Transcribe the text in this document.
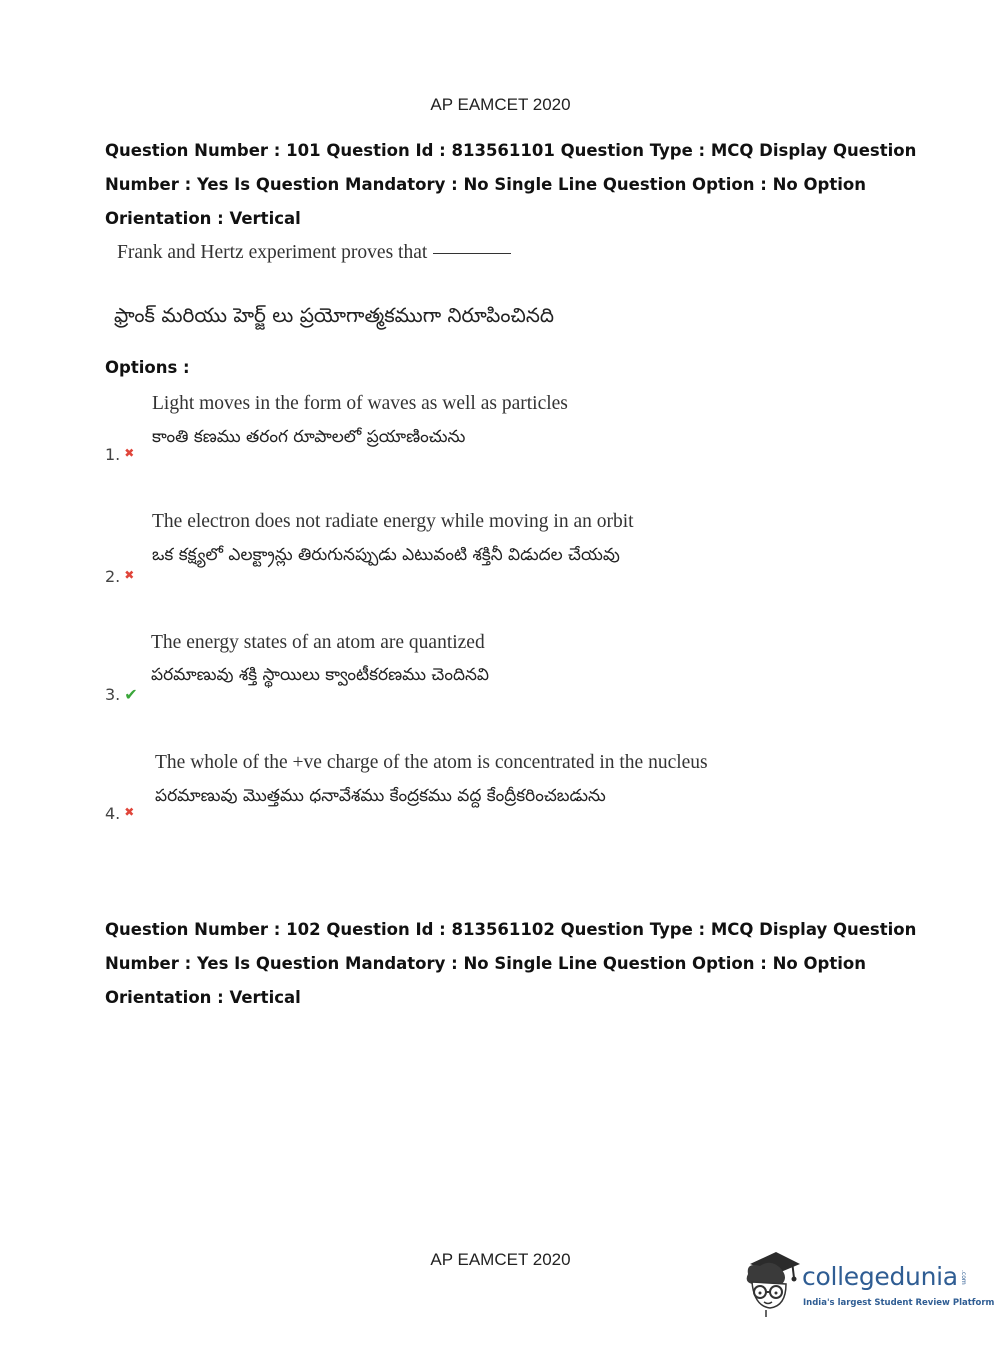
AP EAMCET 2020
Question Number : 101 Question Id : 813561101 Question Type : MCQ Display Question
Number : Yes Is Question Mandatory : No Single Line Question Option : No Option
Orientation : Vertical
Frank and Hertz experiment proves that
ఫ్రాంక్ మరియు హెర్జ్ లు ప్రయోగాత్మకముగా నిరూపించినది
Options :
Light moves in the form of waves as well as particles
కాంతి కణము తరంగ రూపాలలో ప్రయాణించును
1. ✖
The electron does not radiate energy while moving in an orbit
ఒక కక్ష్యలో ఎలక్ట్రాన్లు తిరుగునప్పుడు ఎటువంటి శక్తినీ విడుదల చేయవు
2. ✖
The energy states of an atom are quantized
పరమాణువు శక్తి స్థాయిలు క్వాంటీకరణము చెందినవి
3. ✔
The whole of the +ve charge of the atom is concentrated in the nucleus
పరమాణువు మొత్తము ధనావేశము కేంద్రకము వద్ద కేంద్రీకరించబడును
4. ✖
Question Number : 102 Question Id : 813561102 Question Type : MCQ Display Question
Number : Yes Is Question Mandatory : No Single Line Question Option : No Option
Orientation : Vertical
AP EAMCET 2020
collegedunia .com
India's largest Student Review Platform
